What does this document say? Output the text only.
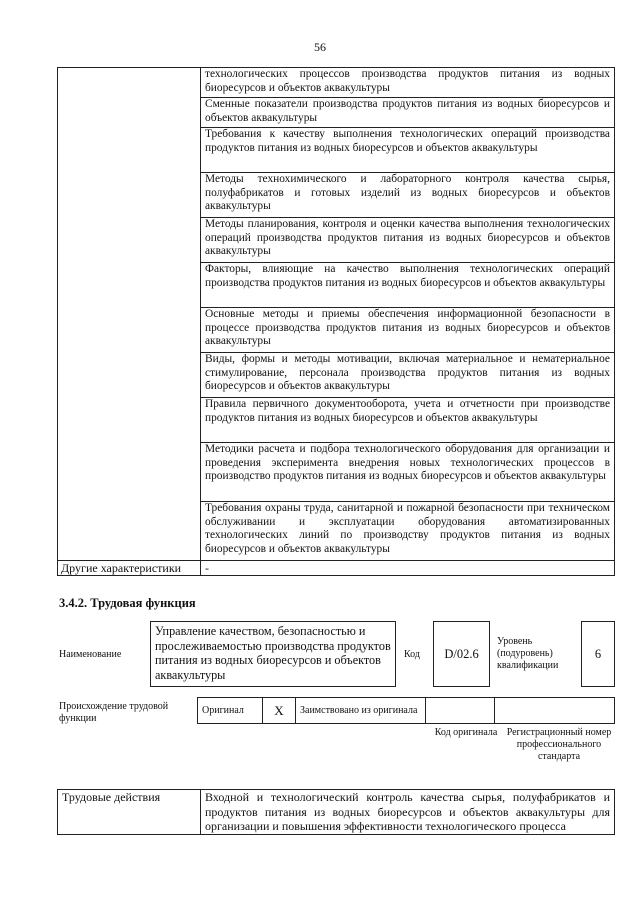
56
	технологических процессов производства продуктов питания из водных биоресурсов и объектов аквакультуры
	Сменные показатели производства продуктов питания из водных биоресурсов и объектов аквакультуры
	Требования к качеству выполнения технологических операций производства продуктов питания из водных биоресурсов и объектов аквакультуры
	Методы технохимического и лабораторного контроля качества сырья, полуфабрикатов и готовых изделий из водных биоресурсов и объектов аквакультуры
	Методы планирования, контроля и оценки качества выполнения технологических операций производства продуктов питания из водных биоресурсов и объектов аквакультуры
	Факторы, влияющие на качество выполнения технологических операций производства продуктов питания из водных биоресурсов и объектов аквакультуры
	Основные методы и приемы обеспечения информационной безопасности в процессе производства продуктов питания из водных биоресурсов и объектов аквакультуры
	Виды, формы и методы мотивации, включая материальное и нематериальное стимулирование, персонала производства продуктов питания из водных биоресурсов и объектов аквакультуры
	Правила первичного документооборота, учета и отчетности при производстве продуктов питания из водных биоресурсов и объектов аквакультуры
	Методики расчета и подбора технологического оборудования для организации и проведения эксперимента внедрения новых технологических процессов в производство продуктов питания из водных биоресурсов и объектов аквакультуры
	Требования охраны труда, санитарной и пожарной безопасности при техническом обслуживании и эксплуатации оборудования автоматизированных технологических линий по производству продуктов питания из водных биоресурсов и объектов аквакультуры
Другие характеристики	-
3.4.2. Трудовая функция
Наименование
Управление качеством, безопасностью и прослеживаемостью производства продуктов питания из водных биоресурсов и объектов аквакультуры
Код	D/02.6
Уровень (подуровень) квалификации
6
Происхождение трудовой функции
Оригинал	X	Заимствовано из оригинала		
Код оригинала Регистрационный номер профессионального стандарта
Трудовые действия	Входной и технологический контроль качества сырья, полуфабрикатов и продуктов питания из водных биоресурсов и объектов аквакультуры для организации и повышения эффективности технологического процесса
